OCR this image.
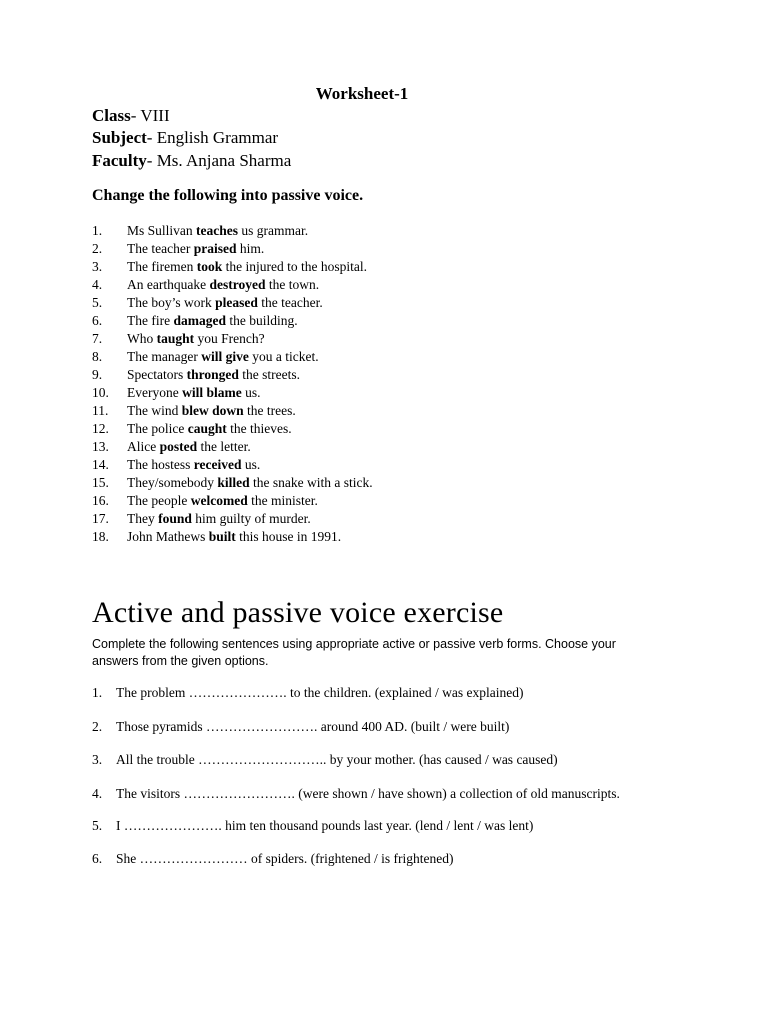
Worksheet-1
Class- VIII
Subject- English Grammar
Faculty- Ms. Anjana Sharma
Change the following into passive voice.
1. Ms Sullivan teaches us grammar.
2. The teacher praised him.
3. The firemen took the injured to the hospital.
4. An earthquake destroyed the town.
5. The boy’s work pleased the teacher.
6. The fire damaged the building.
7. Who taught you French?
8. The manager will give you a ticket.
9. Spectators thronged the streets.
10. Everyone will blame us.
11. The wind blew down the trees.
12. The police caught the thieves.
13. Alice posted the letter.
14. The hostess received us.
15. They/somebody killed the snake with a stick.
16. The people welcomed the minister.
17. They found him guilty of murder.
18. John Mathews built this house in 1991.
Active and passive voice exercise
Complete the following sentences using appropriate active or passive verb forms. Choose your answers from the given options.
1. The problem …………………. to the children. (explained / was explained)
2. Those pyramids ……………………. around 400 AD. (built / were built)
3. All the trouble ……………………….. by your mother. (has caused / was caused)
4. The visitors ……………………. (were shown / have shown) a collection of old manuscripts.
5. I …………………. him ten thousand pounds last year. (lend / lent / was lent)
6. She …………………… of spiders. (frightened / is frightened)
